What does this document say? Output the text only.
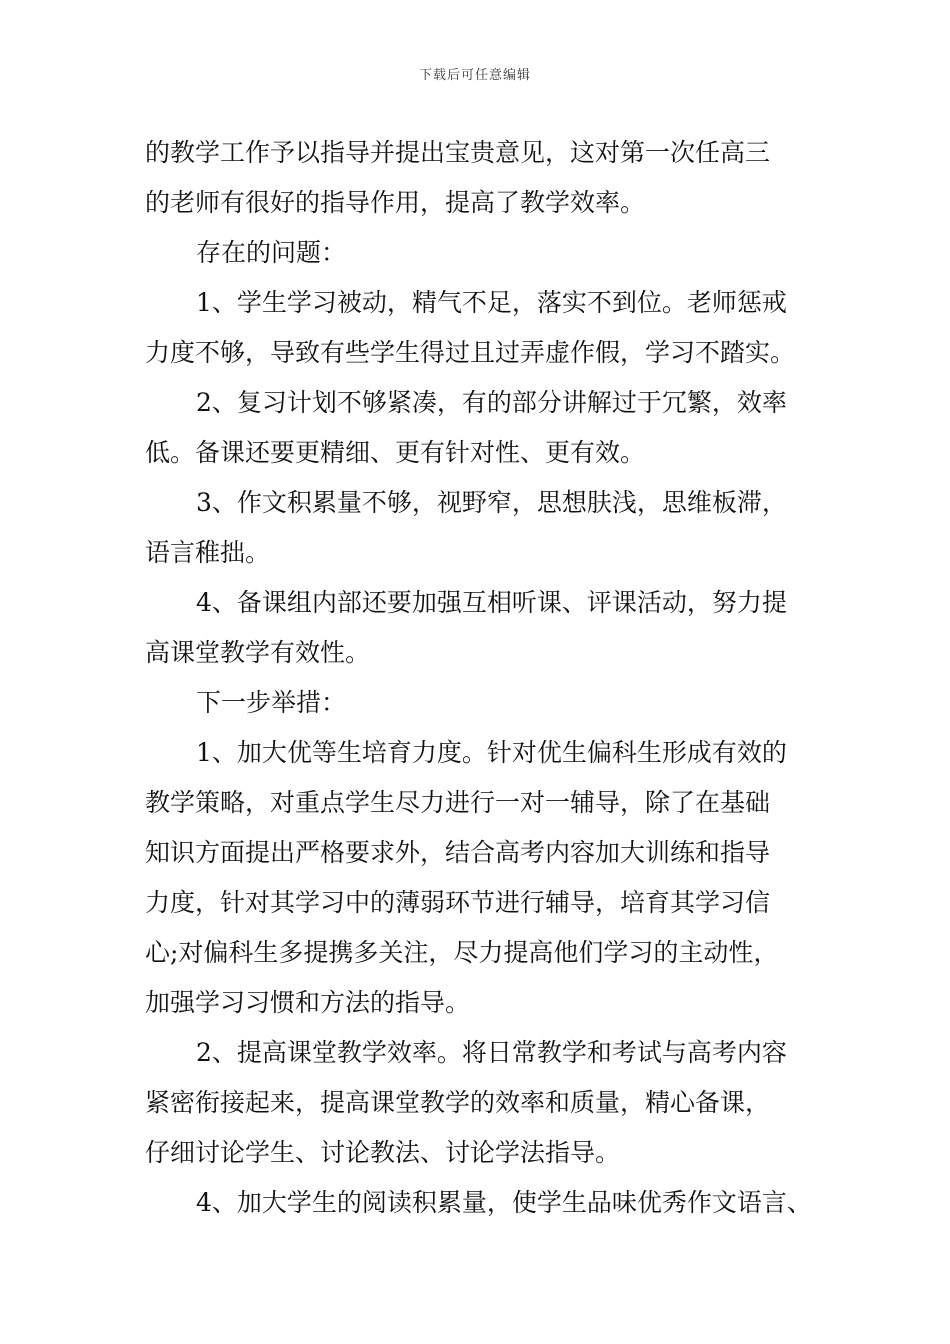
下载后可任意编辑
的教学工作予以指导并提出宝贵意见，这对第一次任高三
的老师有很好的指导作用，提高了教学效率。
存在的问题：
1、学生学习被动，精气不足，落实不到位。老师惩戒
力度不够，导致有些学生得过且过弄虚作假，学习不踏实。
2、复习计划不够紧凑，有的部分讲解过于冗繁，效率
低。备课还要更精细、更有针对性、更有效。
3、作文积累量不够，视野窄，思想肤浅，思维板滞，
语言稚拙。
4、备课组内部还要加强互相听课、评课活动，努力提
高课堂教学有效性。
下一步举措：
1、加大优等生培育力度。针对优生偏科生形成有效的
教学策略，对重点学生尽力进行一对一辅导，除了在基础
知识方面提出严格要求外，结合高考内容加大训练和指导
力度，针对其学习中的薄弱环节进行辅导，培育其学习信
心;对偏科生多提携多关注，尽力提高他们学习的主动性，
加强学习习惯和方法的指导。
2、提高课堂教学效率。将日常教学和考试与高考内容
紧密衔接起来，提高课堂教学的效率和质量，精心备课，
仔细讨论学生、讨论教法、讨论学法指导。
4、加大学生的阅读积累量，使学生品味优秀作文语言、
